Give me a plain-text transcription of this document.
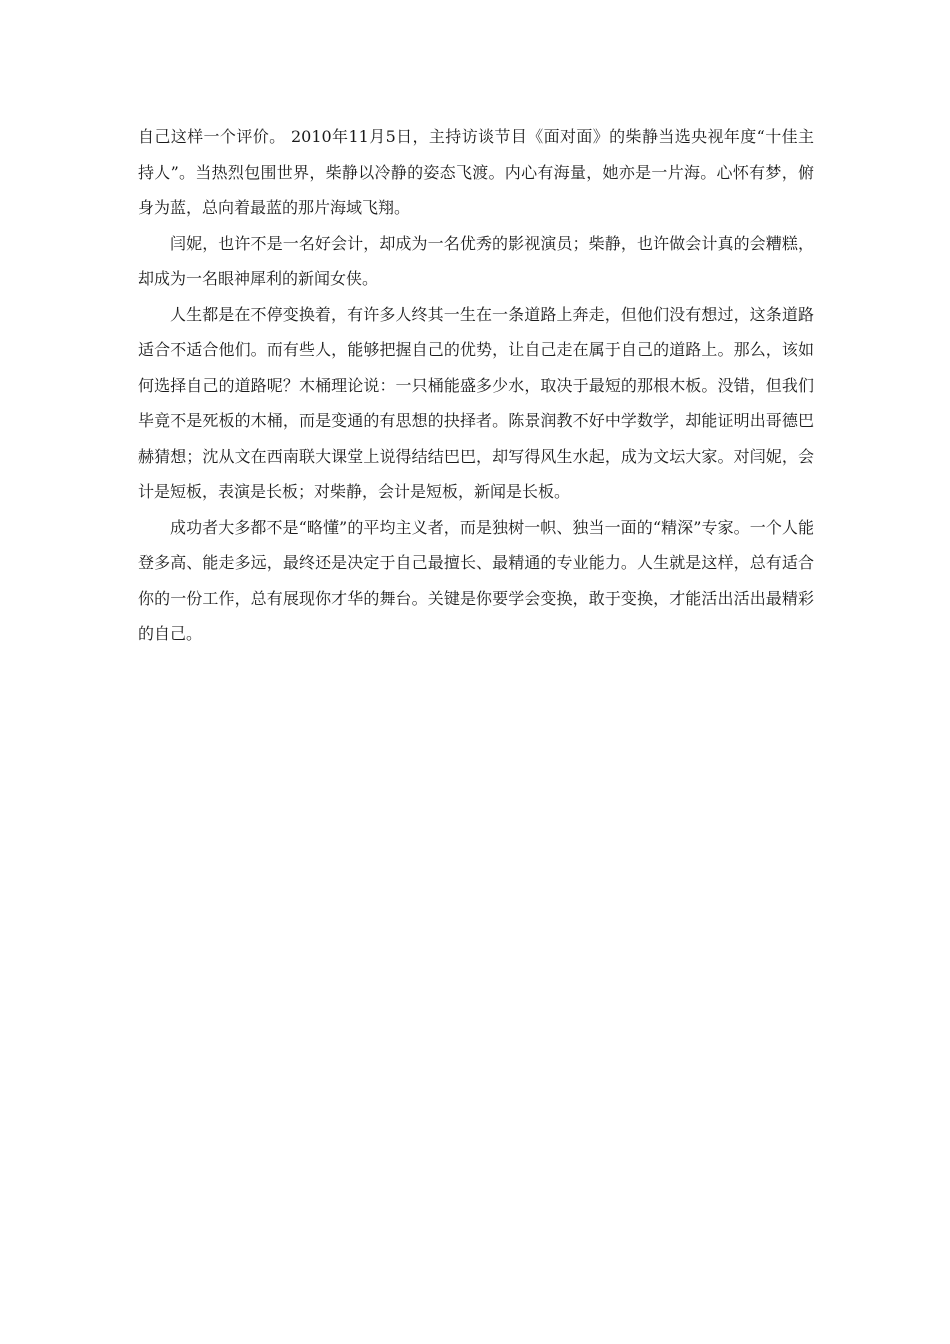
自己这样一个评价。 2010年11月5日，主持访谈节目《面对面》的柴静当选央视年度“十佳主持人”。当热烈包围世界，柴静以冷静的姿态飞渡。内心有海量，她亦是一片海。心怀有梦，俯身为蓝，总向着最蓝的那片海域飞翔。

闫妮，也许不是一名好会计，却成为一名优秀的影视演员；柴静，也许做会计真的会糟糕，却成为一名眼神犀利的新闻女侠。

人生都是在不停变换着，有许多人终其一生在一条道路上奔走，但他们没有想过，这条道路适合不适合他们。而有些人，能够把握自己的优势，让自己走在属于自己的道路上。那么，该如何选择自己的道路呢？木桶理论说：一只桶能盛多少水，取决于最短的那根木板。没错，但我们毕竟不是死板的木桶，而是变通的有思想的抉择者。陈景润教不好中学数学，却能证明出哥德巴赫猜想；沈从文在西南联大课堂上说得结结巴巴，却写得风生水起，成为文坛大家。对闫妮，会计是短板，表演是长板；对柴静，会计是短板，新闻是长板。

成功者大多都不是“略懂”的平均主义者，而是独树一帜、独当一面的“精深”专家。一个人能登多高、能走多远，最终还是决定于自己最擅长、最精通的专业能力。人生就是这样，总有适合你的一份工作，总有展现你才华的舞台。关键是你要学会变换，敢于变换，才能活出活出最精彩的自己。
